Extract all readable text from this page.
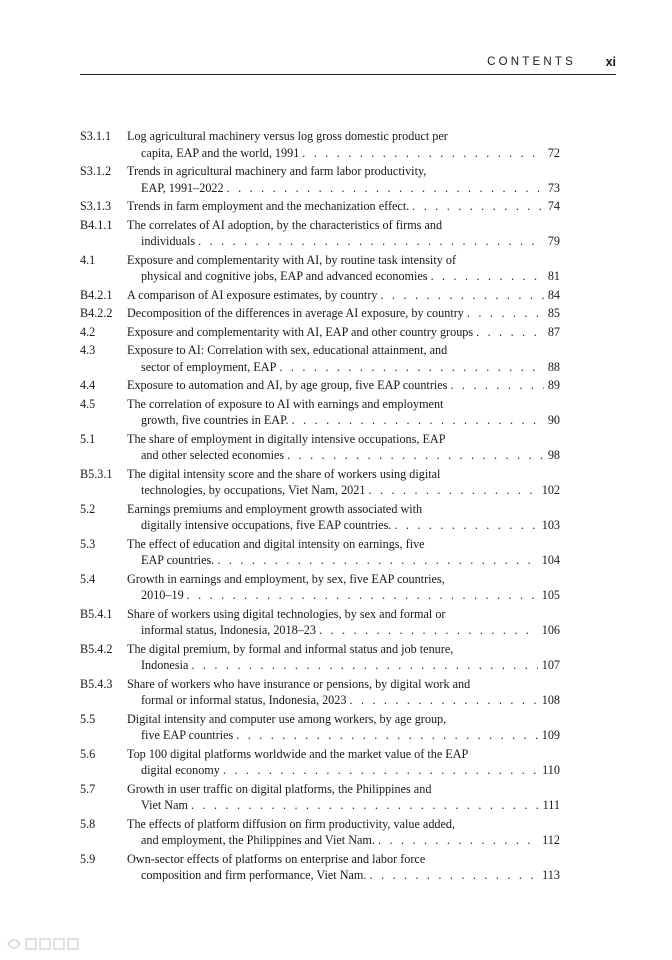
CONTENTS xi
S3.1.1	Log agricultural machinery versus log gross domestic product per
capita, EAP and the world, 1991 . . .	72
S3.1.2	Trends in agricultural machinery and farm labor productivity,
EAP, 1991–2022 . . .	73
S3.1.3	Trends in farm employment and the mechanization effect. . . .	74
B4.1.1	The correlates of AI adoption, by the characteristics of firms and
individuals . . .	79
4.1	Exposure and complementarity with AI, by routine task intensity of
physical and cognitive jobs, EAP and advanced economies . . .	81
B4.2.1	A comparison of AI exposure estimates, by country . . .	84
B4.2.2	Decomposition of the differences in average AI exposure, by country . . .	85
4.2	Exposure and complementarity with AI, EAP and other country groups . . .	87
4.3	Exposure to AI: Correlation with sex, educational attainment, and
sector of employment, EAP . . .	88
4.4	Exposure to automation and AI, by age group, five EAP countries . . .	89
4.5	The correlation of exposure to AI with earnings and employment
growth, five countries in EAP. . . .	90
5.1	The share of employment in digitally intensive occupations, EAP
and other selected economies . . .	98
B5.3.1	The digital intensity score and the share of workers using digital
technologies, by occupations, Viet Nam, 2021 . . .	102
5.2	Earnings premiums and employment growth associated with
digitally intensive occupations, five EAP countries. . . .	103
5.3	The effect of education and digital intensity on earnings, five
EAP countries. . . .	104
5.4	Growth in earnings and employment, by sex, five EAP countries,
2010–19 . . .	105
B5.4.1	Share of workers using digital technologies, by sex and formal or
informal status, Indonesia, 2018–23 . . .	106
B5.4.2	The digital premium, by formal and informal status and job tenure,
Indonesia . . .	107
B5.4.3	Share of workers who have insurance or pensions, by digital work and
formal or informal status, Indonesia, 2023 . . .	108
5.5	Digital intensity and computer use among workers, by age group,
five EAP countries . . .	109
5.6	Top 100 digital platforms worldwide and the market value of the EAP
digital economy . . .	110
5.7	Growth in user traffic on digital platforms, the Philippines and
Viet Nam . . .	111
5.8	The effects of platform diffusion on firm productivity, value added,
and employment, the Philippines and Viet Nam. . . .	112
5.9	Own-sector effects of platforms on enterprise and labor force
composition and firm performance, Viet Nam. . . .	113
